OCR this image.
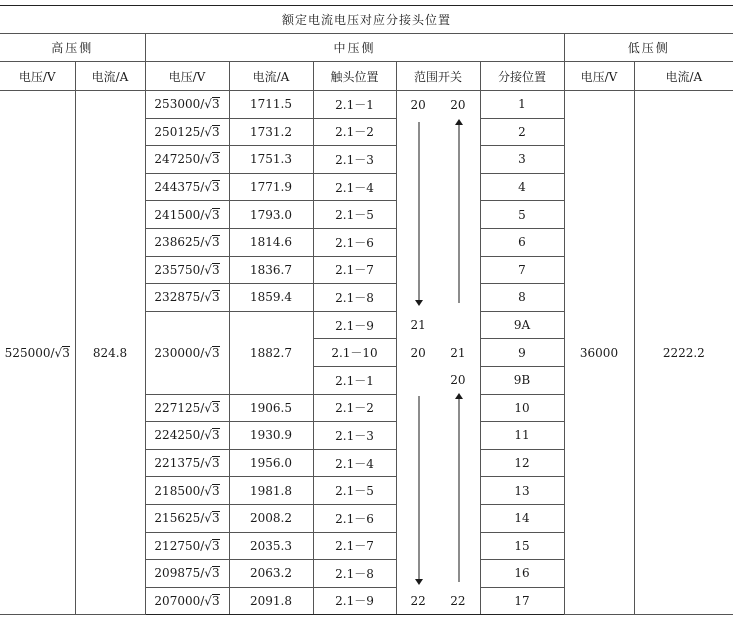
额定电流电压对应分接头位置								
高压侧		中压侧					低压侧	
电压/V	电流/A	电压/V	电流/A	触头位置	范围开关	分接位置	电压/V	电流/A
525000/√3	824.8	253000/√3	1711.5	2.1－1	20 20	1	36000	2222.2
		250125/√3	1731.2	2.1－2		2		
		247250/√3	1751.3	2.1－3		3		
		244375/√3	1771.9	2.1－4		4		
		241500/√3	1793.0	2.1－5		5		
		238625/√3	1814.6	2.1－6		6		
		235750/√3	1836.7	2.1－7		7		
		232875/√3	1859.4	2.1－8		8		
		230000/√3	1882.7	2.1－9	21	9A		
				2.1－10	20 21	9		
				2.1－1	20	9B		
		227125/√3	1906.5	2.1－2		10		
		224250/√3	1930.9	2.1－3		11		
		221375/√3	1956.0	2.1－4		12		
		218500/√3	1981.8	2.1－5		13		
		215625/√3	2008.2	2.1－6		14		
		212750/√3	2035.3	2.1－7		15		
		209875/√3	2063.2	2.1－8		16		
		207000/√3	2091.8	2.1－9	22 22	17		
